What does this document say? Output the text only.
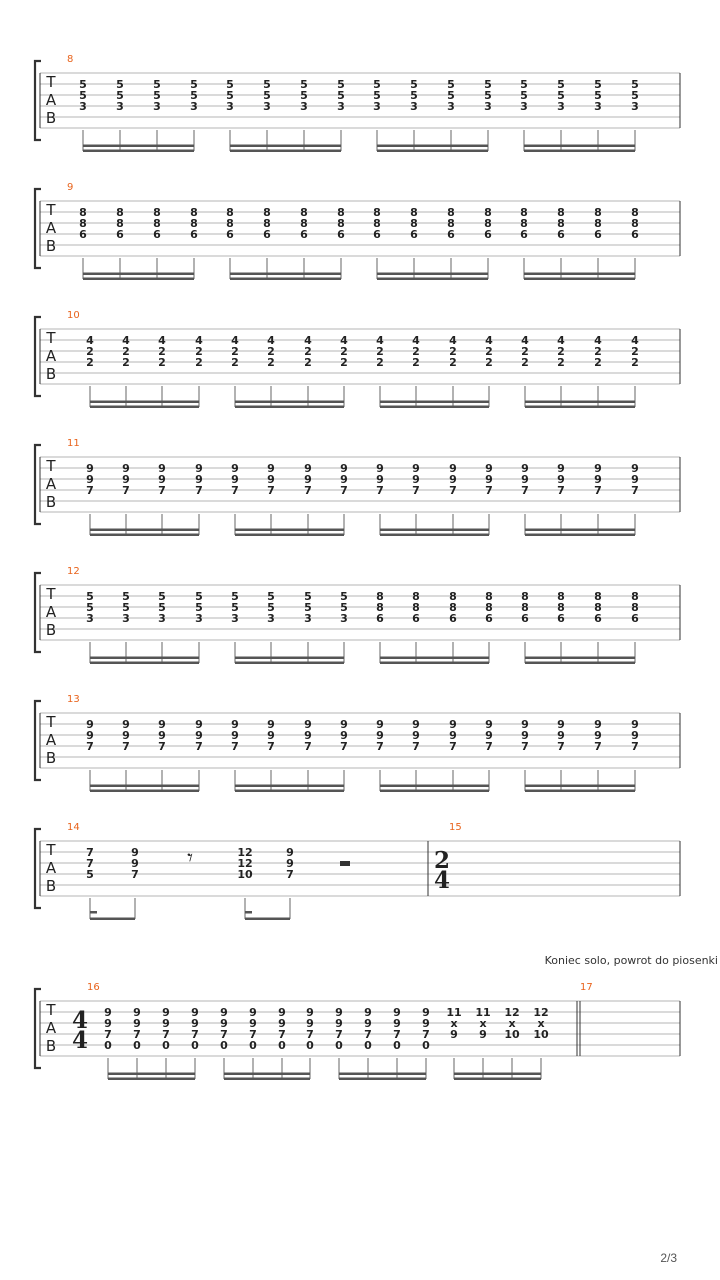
T
A
B
8
5
5
3
5
5
3
5
5
3
5
5
3
5
5
3
5
5
3
5
5
3
5
5
3
5
5
3
5
5
3
5
5
3
5
5
3
5
5
3
5
5
3
5
5
3
5
5
3
T
A
B
9
8
8
6
8
8
6
8
8
6
8
8
6
8
8
6
8
8
6
8
8
6
8
8
6
8
8
6
8
8
6
8
8
6
8
8
6
8
8
6
8
8
6
8
8
6
8
8
6
T
A
B
10
4
2
2
4
2
2
4
2
2
4
2
2
4
2
2
4
2
2
4
2
2
4
2
2
4
2
2
4
2
2
4
2
2
4
2
2
4
2
2
4
2
2
4
2
2
4
2
2
T
A
B
11
9
9
7
9
9
7
9
9
7
9
9
7
9
9
7
9
9
7
9
9
7
9
9
7
9
9
7
9
9
7
9
9
7
9
9
7
9
9
7
9
9
7
9
9
7
9
9
7
T
A
B
12
5
5
3
5
5
3
5
5
3
5
5
3
5
5
3
5
5
3
5
5
3
5
5
3
8
8
6
8
8
6
8
8
6
8
8
6
8
8
6
8
8
6
8
8
6
8
8
6
T
A
B
13
9
9
7
9
9
7
9
9
7
9
9
7
9
9
7
9
9
7
9
9
7
9
9
7
9
9
7
9
9
7
9
9
7
9
9
7
9
9
7
9
9
7
9
9
7
9
9
7
T
A
B
14
7
7
5
9
9
7
12
12
10
9
9
7
𝄾
15
2
4
Koniec solo, powrot do piosenki
T
A
B
16
4
4
9
9
7
0
9
9
7
0
9
9
7
0
9
9
7
0
9
9
7
0
9
9
7
0
9
9
7
0
9
9
7
0
9
9
7
0
9
9
7
0
9
9
7
0
9
9
7
0
11
x
9
11
x
9
12
x
10
12
x
10
17
2/3
